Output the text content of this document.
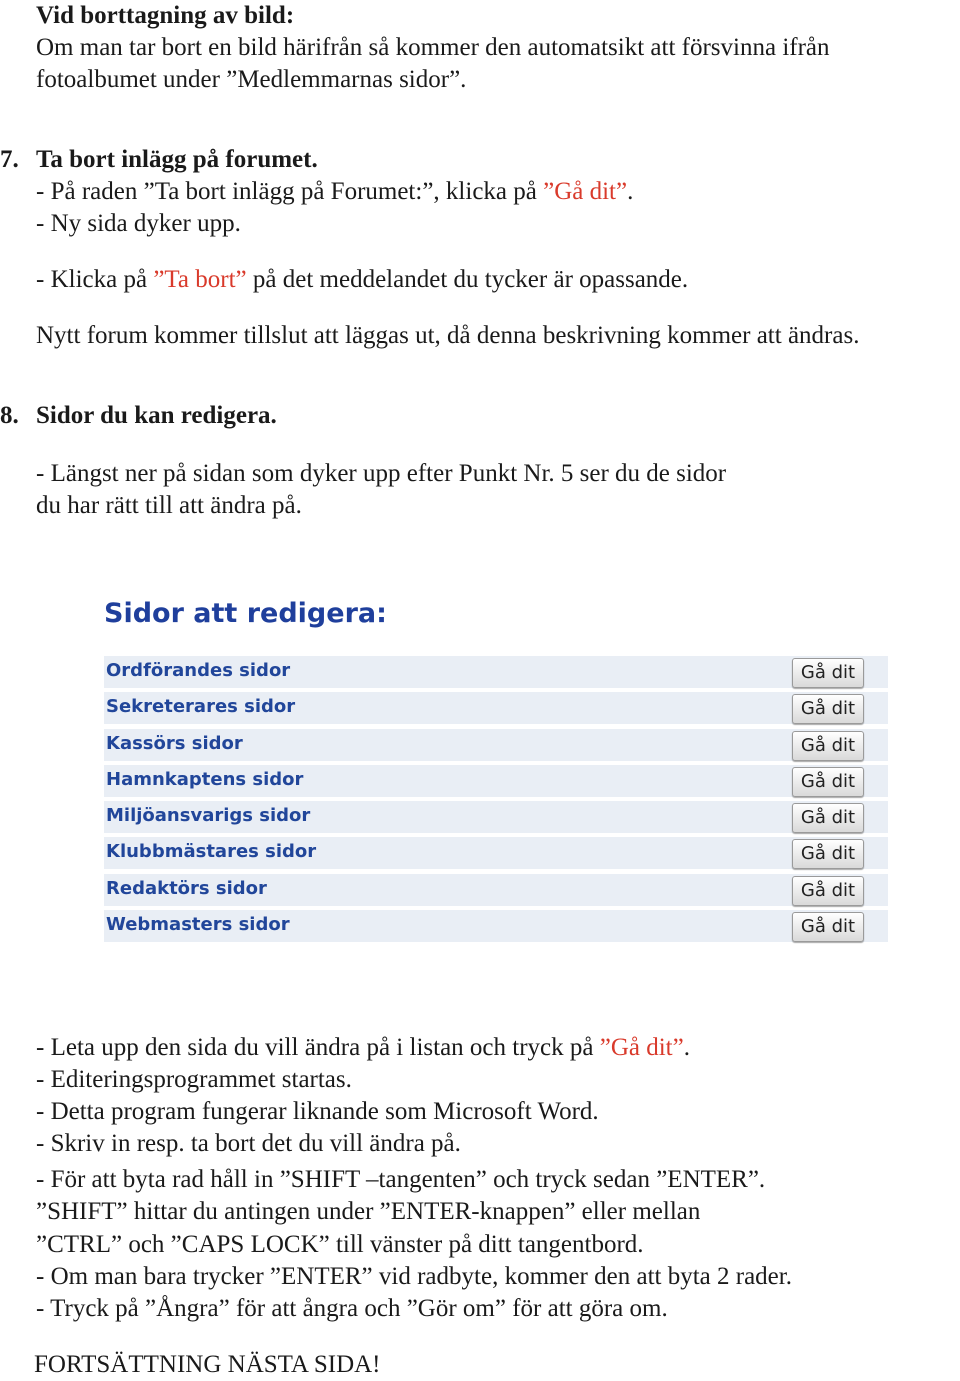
Vid borttagning av bild:
Om man tar bort en bild härifrån så kommer den automatsikt att försvinna ifrån
fotoalbumet under ”Medlemmarnas sidor”.
7. Ta bort inlägg på forumet.
- På raden ”Ta bort inlägg på Forumet:”, klicka på ”Gå dit”.
- Ny sida dyker upp.
- Klicka på ”Ta bort” på det meddelandet du tycker är opassande.
Nytt forum kommer tillslut att läggas ut, då denna beskrivning kommer att ändras.
8. Sidor du kan redigera.
- Längst ner på sidan som dyker upp efter Punkt Nr. 5 ser du de sidor
du har rätt till att ändra på.
Sidor att redigera:
Ordförandes sidor	Gå dit
Sekreterares sidor	Gå dit
Kassörs sidor	Gå dit
Hamnkaptens sidor	Gå dit
Miljöansvarigs sidor	Gå dit
Klubbmästares sidor	Gå dit
Redaktörs sidor	Gå dit
Webmasters sidor	Gå dit
- Leta upp den sida du vill ändra på i listan och tryck på ”Gå dit”.
- Editeringsprogrammet startas.
- Detta program fungerar liknande som Microsoft Word.
- Skriv in resp. ta bort det du vill ändra på.
- För att byta rad håll in ”SHIFT –tangenten” och tryck sedan ”ENTER”.
”SHIFT” hittar du antingen under ”ENTER-knappen” eller mellan
”CTRL” och ”CAPS LOCK” till vänster på ditt tangentbord.
- Om man bara trycker ”ENTER” vid radbyte, kommer den att byta 2 rader.
- Tryck på ”Ångra” för att ångra och ”Gör om” för att göra om.
FORTSÄTTNING NÄSTA SIDA!
